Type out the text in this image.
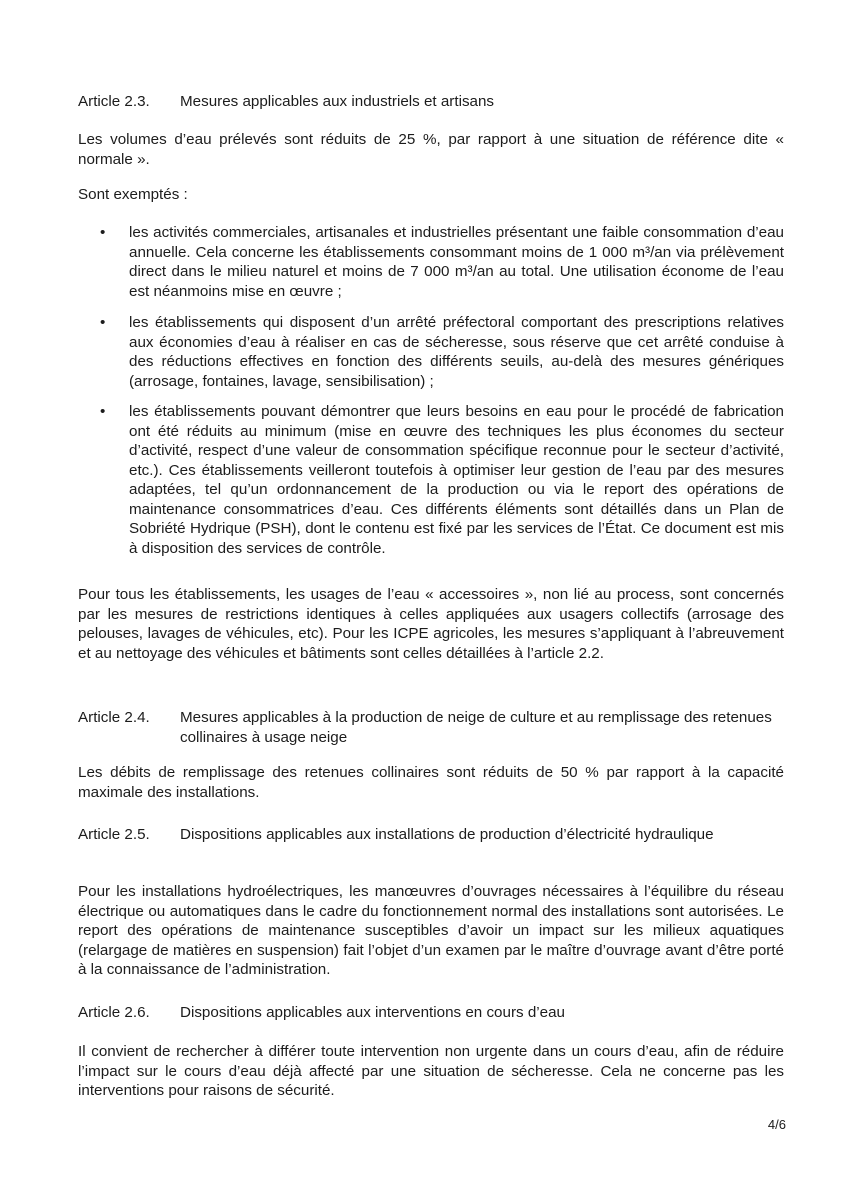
Article 2.3. Mesures applicables aux industriels et artisans
Les volumes d’eau prélevés sont réduits de 25 %, par rapport à une situation de référence dite « normale ».
Sont exemptés :
• les activités commerciales, artisanales et industrielles présentant une faible consommation d’eau annuelle. Cela concerne les établissements consommant moins de 1 000 m³/an via prélèvement direct dans le milieu naturel et moins de 7 000 m³/an au total. Une utilisation économe de l’eau est néanmoins mise en œuvre ;
• les établissements qui disposent d’un arrêté préfectoral comportant des prescriptions relatives aux économies d’eau à réaliser en cas de sécheresse, sous réserve que cet arrêté conduise à des réductions effectives en fonction des différents seuils, au-delà des mesures génériques (arrosage, fontaines, lavage, sensibilisation) ;
• les établissements pouvant démontrer que leurs besoins en eau pour le procédé de fabrication ont été réduits au minimum (mise en œuvre des techniques les plus économes du secteur d’activité, respect d’une valeur de consommation spécifique reconnue pour le secteur d’activité, etc.). Ces établissements veilleront toutefois à optimiser leur gestion de l’eau par des mesures adaptées, tel qu’un ordonnancement de la production ou via le report des opérations de maintenance consommatrices d’eau. Ces différents éléments sont détaillés dans un Plan de Sobriété Hydrique (PSH), dont le contenu est fixé par les services de l’État. Ce document est mis à disposition des services de contrôle.
Pour tous les établissements, les usages de l’eau « accessoires », non lié au process, sont concernés par les mesures de restrictions identiques à celles appliquées aux usagers collectifs (arrosage des pelouses, lavages de véhicules, etc). Pour les ICPE agricoles, les mesures s’appliquant à l’abreuvement et au nettoyage des véhicules et bâtiments sont celles détaillées à l’article 2.2.
Article 2.4. Mesures applicables à la production de neige de culture et au remplissage des retenues collinaires à usage neige
Les débits de remplissage des retenues collinaires sont réduits de 50 % par rapport à la capacité maximale des installations.
Article 2.5. Dispositions applicables aux installations de production d’électricité hydraulique
Pour les installations hydroélectriques, les manœuvres d’ouvrages nécessaires à l’équilibre du réseau électrique ou automatiques dans le cadre du fonctionnement normal des installations sont autorisées. Le report des opérations de maintenance susceptibles d’avoir un impact sur les milieux aquatiques (relargage de matières en suspension) fait l’objet d’un examen par le maître d’ouvrage avant d’être porté à la connaissance de l’administration.
Article 2.6. Dispositions applicables aux interventions en cours d’eau
Il convient de rechercher à différer toute intervention non urgente dans un cours d’eau, afin de réduire l’impact sur le cours d’eau déjà affecté par une situation de sécheresse. Cela ne concerne pas les interventions pour raisons de sécurité.
4/6
